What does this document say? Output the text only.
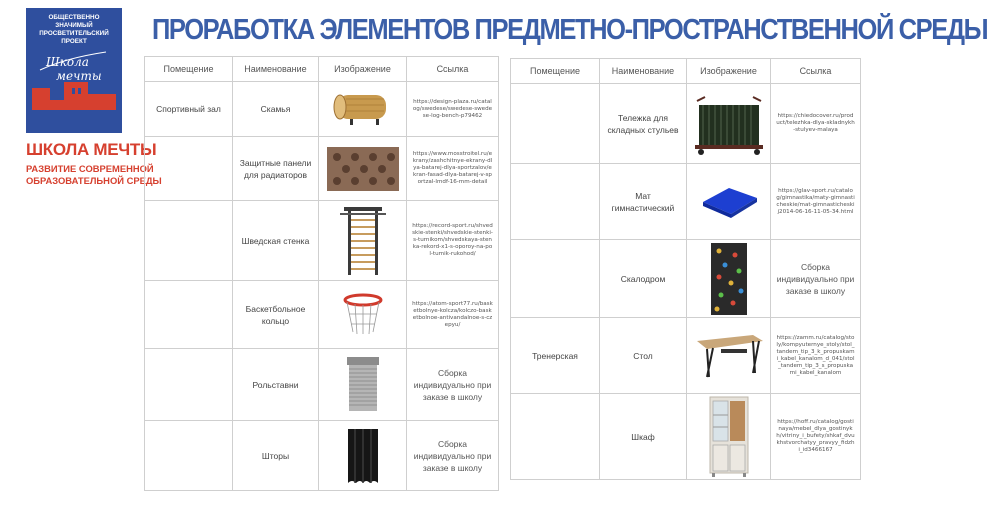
Школа
мечты
ОБЩЕСТВЕННО ЗНАЧИМЫЙ
ПРОСВЕТИТЕЛЬСКИЙ ПРОЕКТ
ШКОЛА МЕЧТЫ
РАЗВИТИЕ СОВРЕМЕННОЙ
ОБРАЗОВАТЕЛЬНОЙ СРЕДЫ
ПРОРАБОТКА ЭЛЕМЕНТОВ ПРЕДМЕТНО-ПРОСТРАНСТВЕННОЙ СРЕДЫ
Помещение	Наименование	Изображение	Ссылка
Спортивный зал	Скамья		https://design-plaza.ru/catalog/swedese/swedese-swedese-log-bench-p79462
	Защитные панели для радиаторов		https://www.mosstroitel.ru/ekrany/zashchitnye-ekrany-dlya-batarej-dlya-sportzalov/ekran-fasad-dlya-batarej-v-sportzal-lmdf-16-mm-detail
	Шведская стенка		https://record-sport.ru/shvedskie-stenki/shvedskie-stenki-s-turnikom/shvedskaya-stenka-rekord-x1-s-oporoy-na-pol-tumik-rukohod/
	Баскетбольное кольцо		https://atom-sport77.ru/basketbolnye-kolcza/kolczo-basketbolnoe-antivandalnoe-s-czepyu/
	Рольставни		Сборка индивидуально при заказе в школу
	Шторы		Сборка индивидуально при заказе в школу
Помещение	Наименование	Изображение	Ссылка
	Тележка для складных стульев		https://chiedocover.ru/product/telezhka-dlya-skladnykh-stulyev-malaya
	Мат гимнастический		https://glav-sport.ru/catalog/gimnastika/maty-gimnasticheskie/mat-gimnasticheskij2014-06-16-11-05-34.html
	Скалодром		Сборка индивидуально при заказе в школу
Тренерская	Стол		https://zamm.ru/catalog/stoly/kompyuternye_stoly/stol_tandem_tip_3_k_propuskami_kabel_kanalom_d_041/stol_tandem_tip_3_s_propuskami_kabel_kanalom
	Шкаф		https://hoff.ru/catalog/gostinaya/mebel_dlya_gostinykh/vitriny_i_bufety/shkaf_dvukhstvorchatyy_pravyy_fidzhi_id3466167
